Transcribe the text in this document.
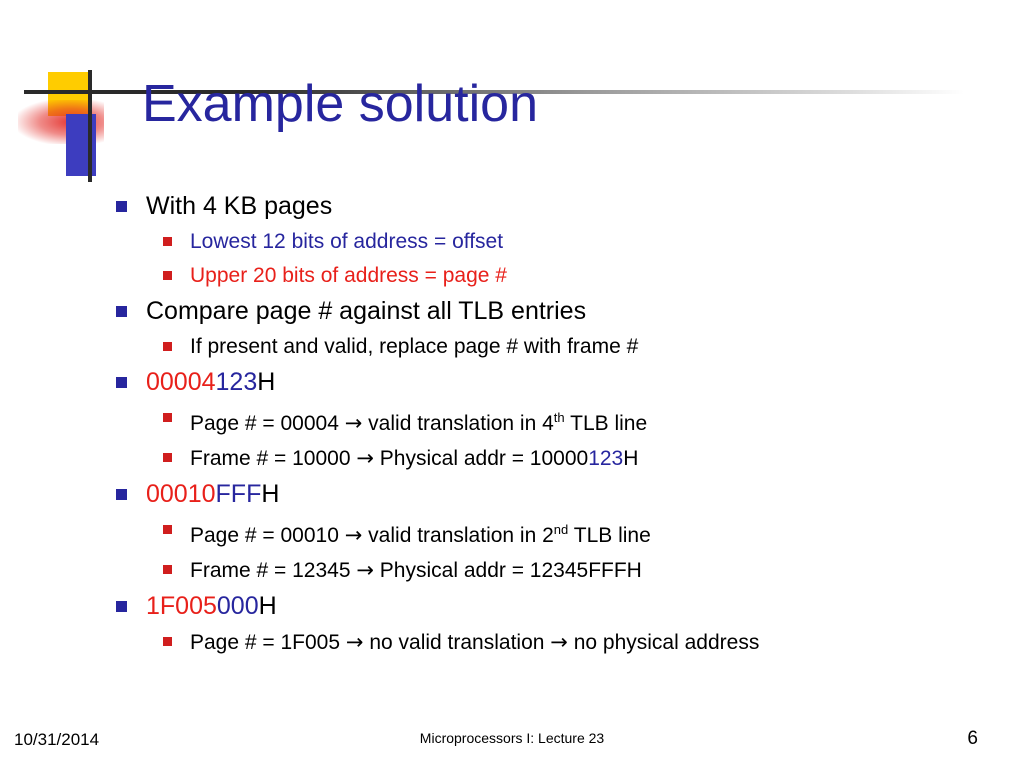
Example solution
With 4 KB pages
Lowest 12 bits of address = offset
Upper 20 bits of address = page #
Compare page # against all TLB entries
If present and valid, replace page # with frame #
00004123H
Page # = 00004 → valid translation in 4th TLB line
Frame # = 10000 → Physical addr = 10000123H
00010FFFH
Page # = 00010 → valid translation in 2nd TLB line
Frame # = 12345 → Physical addr = 12345FFFH
1F005000H
Page # = 1F005 → no valid translation → no physical address
10/31/2014	Microprocessors I: Lecture 23	6
